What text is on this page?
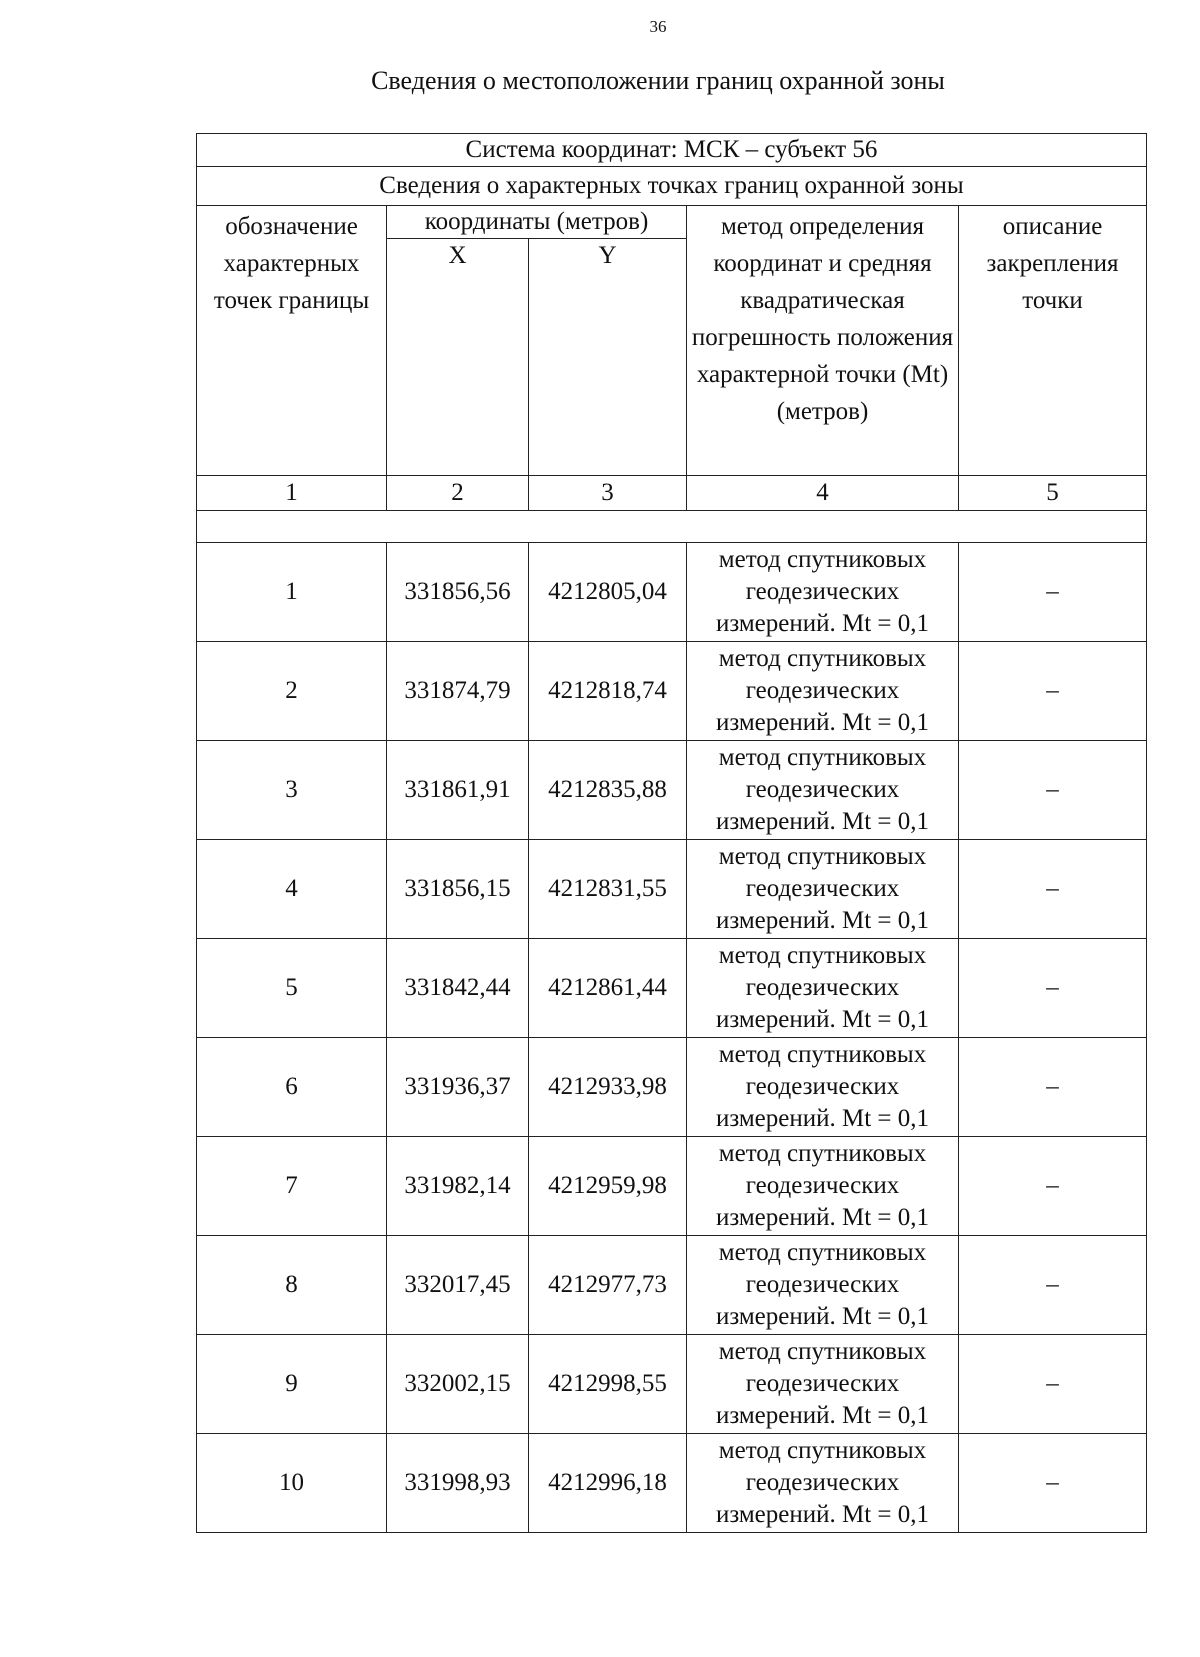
36
Сведения о местоположении границ охранной зоны
Система координат: МСК – субъект 56				
Сведения о характерных точках границ охранной зоны				
обозначение характерных точек границы	координаты (метров)		метод определения координат и средняя квадратическая погрешность положения характерной точки (Mt) (метров)	описание закрепления точки
	X	Y		
1	2	3	4	5

1	331856,56	4212805,04	метод спутниковых геодезических измерений. Mt = 0,1	–
2	331874,79	4212818,74	метод спутниковых геодезических измерений. Mt = 0,1	–
3	331861,91	4212835,88	метод спутниковых геодезических измерений. Mt = 0,1	–
4	331856,15	4212831,55	метод спутниковых геодезических измерений. Mt = 0,1	–
5	331842,44	4212861,44	метод спутниковых геодезических измерений. Mt = 0,1	–
6	331936,37	4212933,98	метод спутниковых геодезических измерений. Mt = 0,1	–
7	331982,14	4212959,98	метод спутниковых геодезических измерений. Mt = 0,1	–
8	332017,45	4212977,73	метод спутниковых геодезических измерений. Mt = 0,1	–
9	332002,15	4212998,55	метод спутниковых геодезических измерений. Mt = 0,1	–
10	331998,93	4212996,18	метод спутниковых геодезических измерений. Mt = 0,1	–
